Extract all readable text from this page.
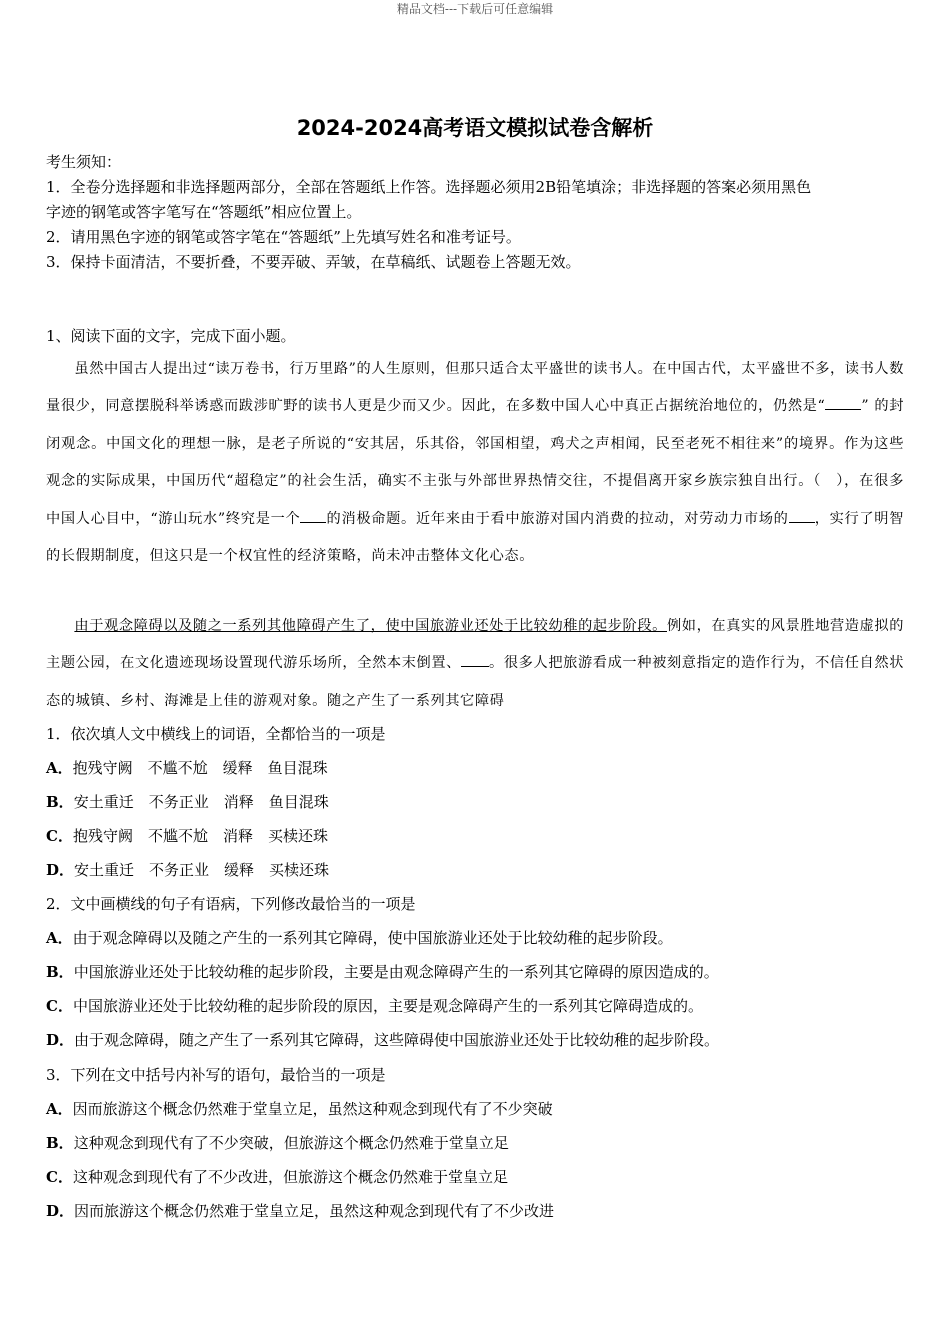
精品文档---下载后可任意编辑
2024-2024高考语文模拟试卷含解析
考生须知：
1．全卷分选择题和非选择题两部分，全部在答题纸上作答。选择题必须用2B铅笔填涂；非选择题的答案必须用黑色
字迹的钢笔或答字笔写在“答题纸”相应位置上。
2．请用黑色字迹的钢笔或答字笔在“答题纸”上先填写姓名和准考证号。
3．保持卡面清洁，不要折叠，不要弄破、弄皱，在草稿纸、试题卷上答题无效。
1、阅读下面的文字，完成下面小题。
虽然中国古人提出过“读万卷书，行万里路”的人生原则，但那只适合太平盛世的读书人。在中国古代，太平盛世不多，读书人数量很少，同意摆脱科举诱惑而跋涉旷野的读书人更是少而又少。因此，在多数中国人心中真正占据统治地位的，仍然是“	” 的封闭观念。中国文化的理想一脉，是老子所说的“安其居，乐其俗，邻国相望，鸡犬之声相闻，民至老死不相往来”的境界。作为这些观念的实际成果，中国历代“超稳定”的社会生活，确实不主张与外部世界热情交往，不提倡离开家乡族宗独自出行。（　），在很多中国人心目中，“游山玩水”终究是一个 的消极命题。近年来由于看中旅游对国内消费的拉动，对劳动力市场的 ，实行了明智的长假期制度，但这只是一个权宜性的经济策略，尚未冲击整体文化心态。
由于观念障碍以及随之一系列其他障碍产生了，使中国旅游业还处于比较幼稚的起步阶段。例如，在真实的风景胜地营造虚拟的主题公园，在文化遗迹现场设置现代游乐场所，全然本末倒置、 。很多人把旅游看成一种被刻意指定的造作行为，不信任自然状态的城镇、乡村、海滩是上佳的游观对象。随之产生了一系列其它障碍
1．依次填人文中横线上的词语，全都恰当的一项是
A．抱残守阙　不尴不尬　缓释　鱼目混珠
B．安土重迁　不务正业　消释　鱼目混珠
C．抱残守阙　不尴不尬　消释　买椟还珠
D．安土重迁　不务正业　缓释　买椟还珠
2．文中画横线的句子有语病，下列修改最恰当的一项是
A．由于观念障碍以及随之产生的一系列其它障碍，使中国旅游业还处于比较幼稚的起步阶段。
B．中国旅游业还处于比较幼稚的起步阶段，主要是由观念障碍产生的一系列其它障碍的原因造成的。
C．中国旅游业还处于比较幼稚的起步阶段的原因，主要是观念障碍产生的一系列其它障碍造成的。
D．由于观念障碍，随之产生了一系列其它障碍，这些障碍使中国旅游业还处于比较幼稚的起步阶段。
3．下列在文中括号内补写的语句，最恰当的一项是
A．因而旅游这个概念仍然难于堂皇立足，虽然这种观念到现代有了不少突破
B．这种观念到现代有了不少突破，但旅游这个概念仍然难于堂皇立足
C．这种观念到现代有了不少改进，但旅游这个概念仍然难于堂皇立足
D．因而旅游这个概念仍然难于堂皇立足，虽然这种观念到现代有了不少改进
